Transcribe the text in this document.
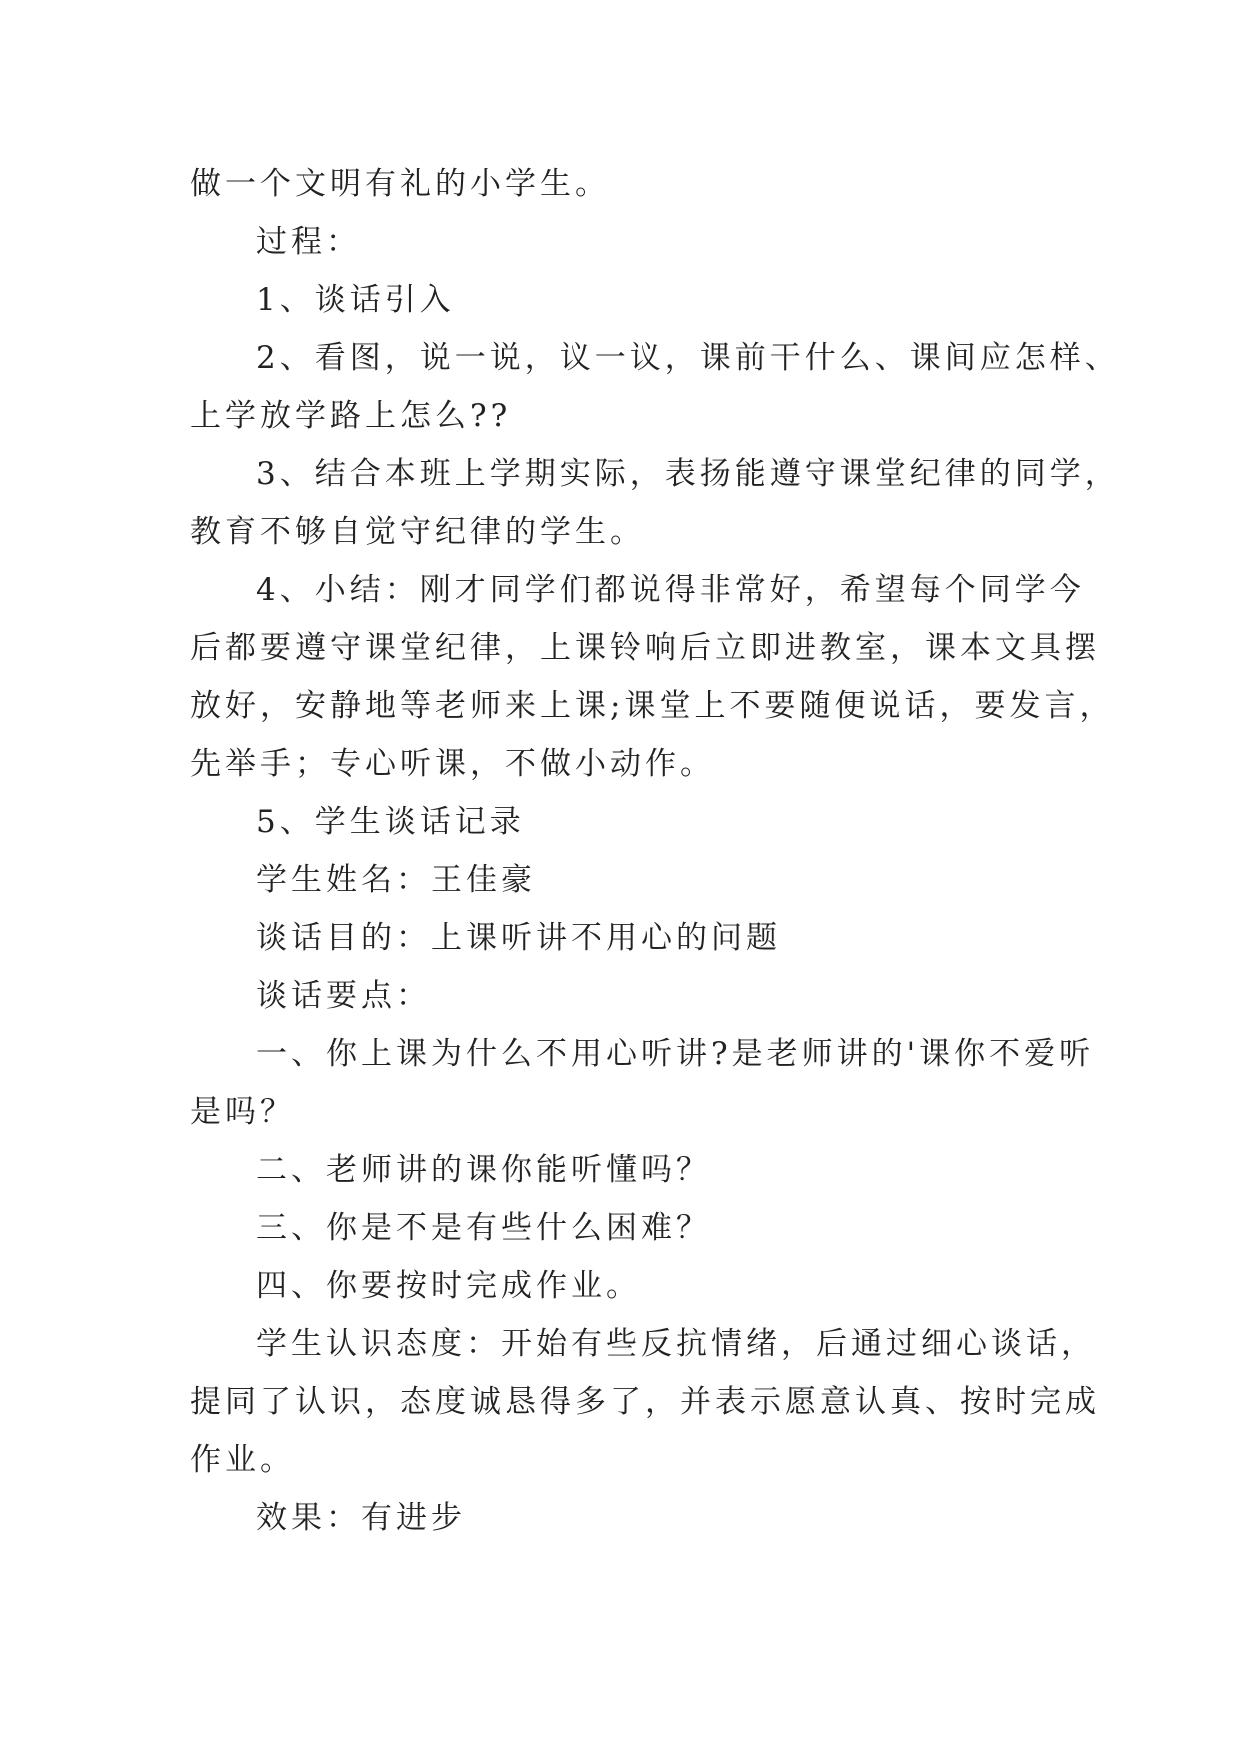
做一个文明有礼的小学生。
过程：
1、谈话引入
2、看图，说一说，议一议，课前干什么、课间应怎样、
上学放学路上怎么??
3、结合本班上学期实际，表扬能遵守课堂纪律的同学，
教育不够自觉守纪律的学生。
4、小结：刚才同学们都说得非常好，希望每个同学今
后都要遵守课堂纪律，上课铃响后立即进教室，课本文具摆
放好，安静地等老师来上课;课堂上不要随便说话，要发言，
先举手；专心听课，不做小动作。
5、学生谈话记录
学生姓名：王佳豪
谈话目的：上课听讲不用心的问题
谈话要点：
一、你上课为什么不用心听讲?是老师讲的'课你不爱听
是吗？
二、老师讲的课你能听懂吗？
三、你是不是有些什么困难？
四、你要按时完成作业。
学生认识态度：开始有些反抗情绪，后通过细心谈话，
提同了认识，态度诚恳得多了，并表示愿意认真、按时完成
作业。
效果：有进步
